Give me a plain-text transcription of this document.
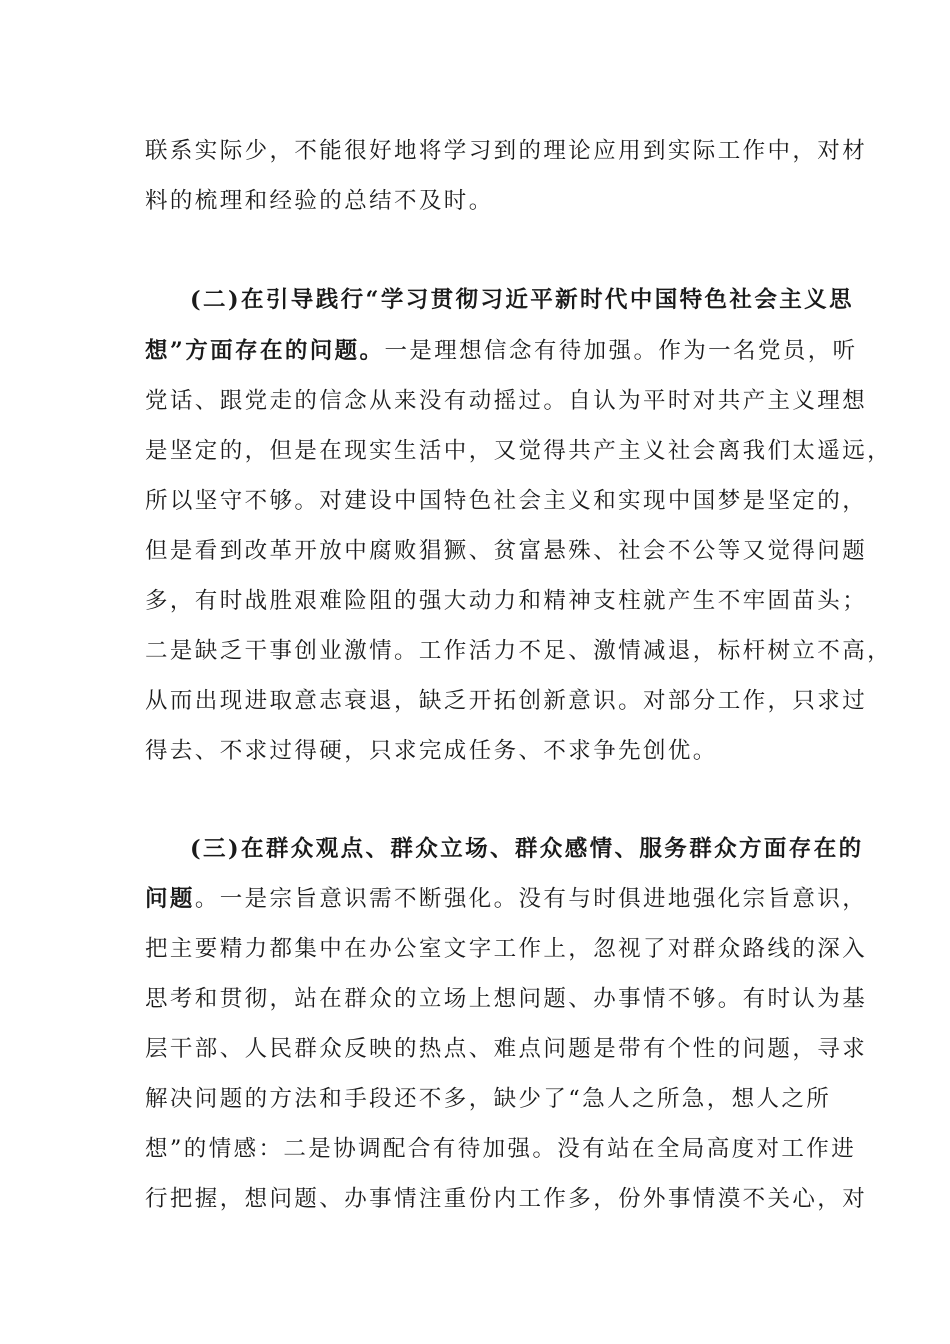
联系实际少，不能很好地将学习到的理论应用到实际工作中，对材
料的梳理和经验的总结不及时。
(二)在引导践行“学习贯彻习近平新时代中国特色社会主义思
想”方面存在的问题。一是理想信念有待加强。作为一名党员，听
党话、跟党走的信念从来没有动摇过。自认为平时对共产主义理想
是坚定的，但是在现实生活中，又觉得共产主义社会离我们太遥远，
所以坚守不够。对建设中国特色社会主义和实现中国梦是坚定的，
但是看到改革开放中腐败猖獗、贫富悬殊、社会不公等又觉得问题
多，有时战胜艰难险阻的强大动力和精神支柱就产生不牢固苗头；
二是缺乏干事创业激情。工作活力不足、激情减退，标杆树立不高，
从而出现进取意志衰退，缺乏开拓创新意识。对部分工作，只求过
得去、不求过得硬，只求完成任务、不求争先创优。
(三)在群众观点、群众立场、群众感情、服务群众方面存在的
问题。一是宗旨意识需不断强化。没有与时俱进地强化宗旨意识，
把主要精力都集中在办公室文字工作上，忽视了对群众路线的深入
思考和贯彻，站在群众的立场上想问题、办事情不够。有时认为基
层干部、人民群众反映的热点、难点问题是带有个性的问题，寻求
解决问题的方法和手段还不多，缺少了“急人之所急，想人之所
想”的情感：二是协调配合有待加强。没有站在全局高度对工作进
行把握，想问题、办事情注重份内工作多，份外事情漠不关心，对
